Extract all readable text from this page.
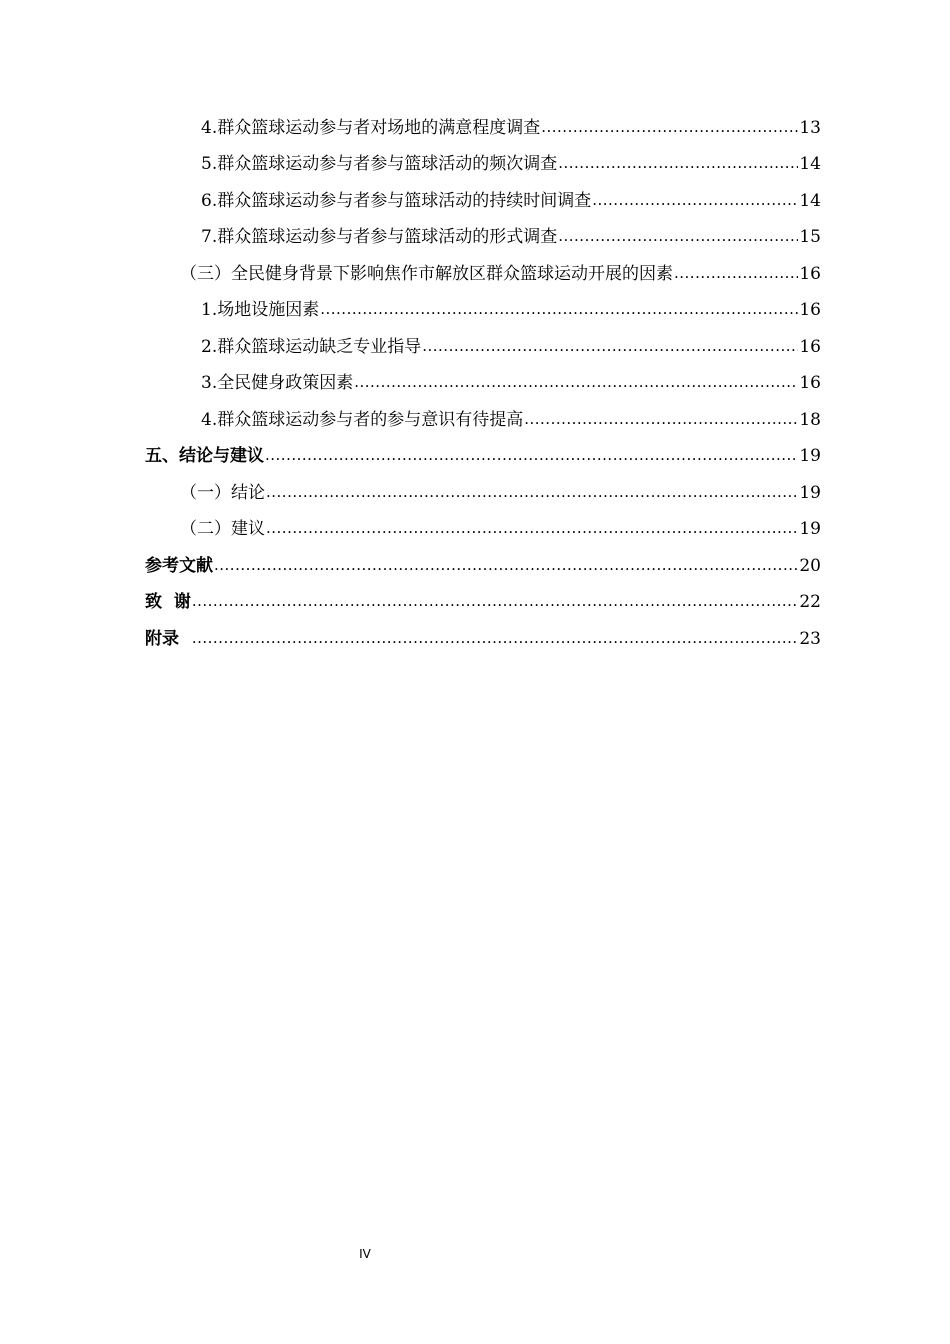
4.群众篮球运动参与者对场地的满意程度调查 .....	13
5.群众篮球运动参与者参与篮球活动的频次调查 .....	14
6.群众篮球运动参与者参与篮球活动的持续时间调查 .....	14
7.群众篮球运动参与者参与篮球活动的形式调查 .....	15
（三）全民健身背景下影响焦作市解放区群众篮球运动开展的因素 .....	16
1.场地设施因素 .....	16
2.群众篮球运动缺乏专业指导 .....	16
3.全民健身政策因素 .....	16
4.群众篮球运动参与者的参与意识有待提高 .....	18
五、结论与建议 .....	19
（一）结论 .....	19
（二）建议 .....	19
参考文献 .....	20
致  谢 .....	22
附录 .....	23
IV
